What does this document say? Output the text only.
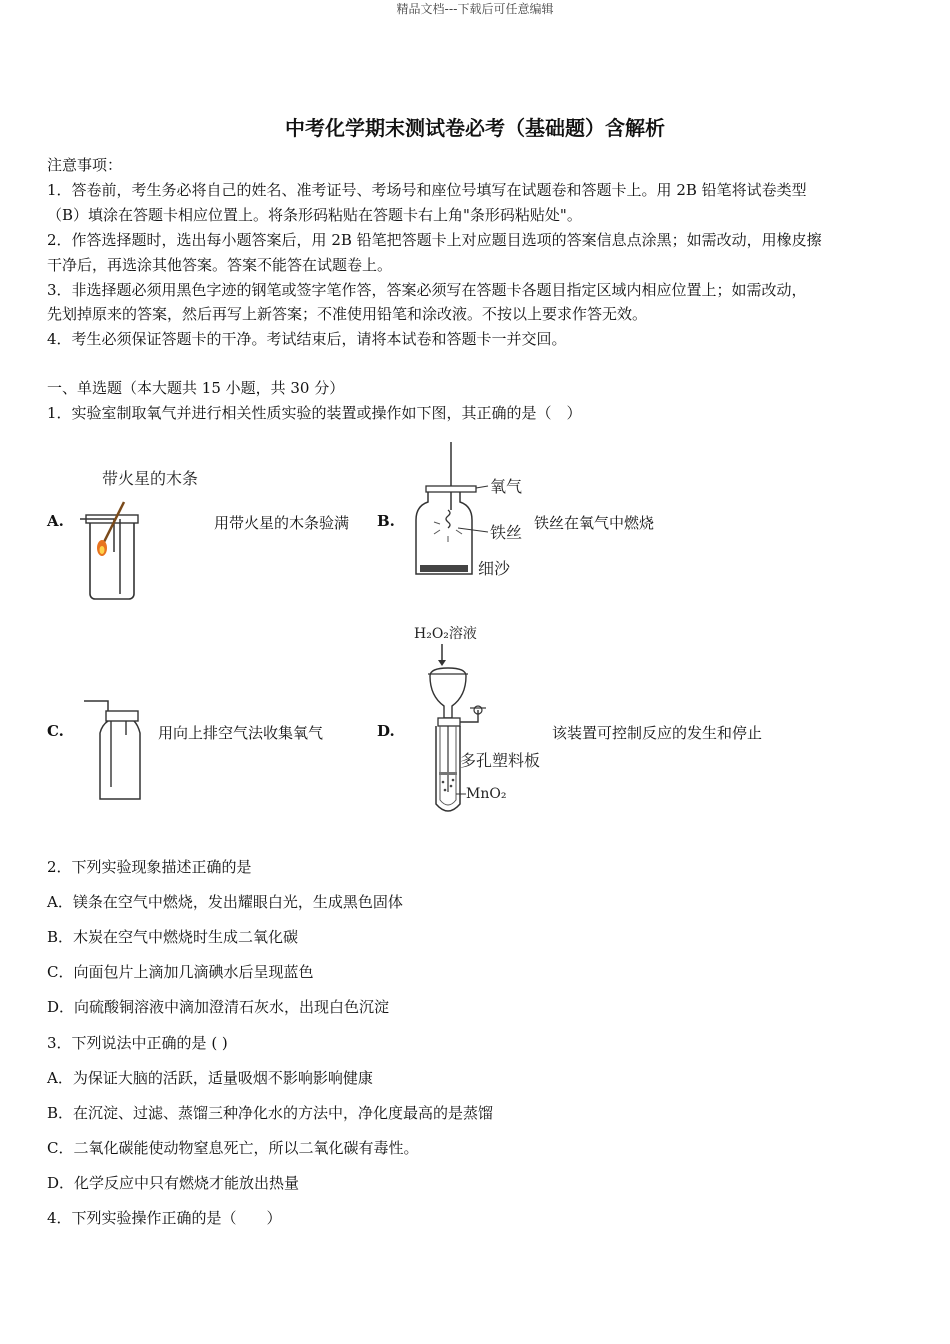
精品文档---下载后可任意编辑
中考化学期末测试卷必考（基础题）含解析
注意事项：
1．答卷前，考生务必将自己的姓名、准考证号、考场号和座位号填写在试题卷和答题卡上。用 2B 铅笔将试卷类型
（B）填涂在答题卡相应位置上。将条形码粘贴在答题卡右上角"条形码粘贴处"。
2．作答选择题时，选出每小题答案后，用 2B 铅笔把答题卡上对应题目选项的答案信息点涂黑；如需改动，用橡皮擦
干净后，再选涂其他答案。答案不能答在试题卷上。
3．非选择题必须用黑色字迹的钢笔或签字笔作答，答案必须写在答题卡各题目指定区域内相应位置上；如需改动，
先划掉原来的答案，然后再写上新答案；不准使用铅笔和涂改液。不按以上要求作答无效。
4．考生必须保证答题卡的干净。考试结束后，请将本试卷和答题卡一并交回。
一、单选题（本大题共 15 小题，共 30 分）
1．实验室制取氧气并进行相关性质实验的装置或操作如下图，其正确的是（　）
A.
带火星的木条
用带火星的木条验满 B.
氧气
铁丝
细沙
铁丝在氧气中燃烧
C.	用向上排空气法收集氧气	D.
H₂O₂溶液
多孔塑料板
MnO₂
该装置可控制反应的发生和停止
2．下列实验现象描述正确的是
A．镁条在空气中燃烧，发出耀眼白光，生成黑色固体
B．木炭在空气中燃烧时生成二氧化碳
C．向面包片上滴加几滴碘水后呈现蓝色
D．向硫酸铜溶液中滴加澄清石灰水，出现白色沉淀
3．下列说法中正确的是 ( )
A．为保证大脑的活跃，适量吸烟不影响影响健康
B．在沉淀、过滤、蒸馏三种净化水的方法中，净化度最高的是蒸馏
C．二氧化碳能使动物窒息死亡，所以二氧化碳有毒性。
D．化学反应中只有燃烧才能放出热量
4．下列实验操作正确的是（　　）
